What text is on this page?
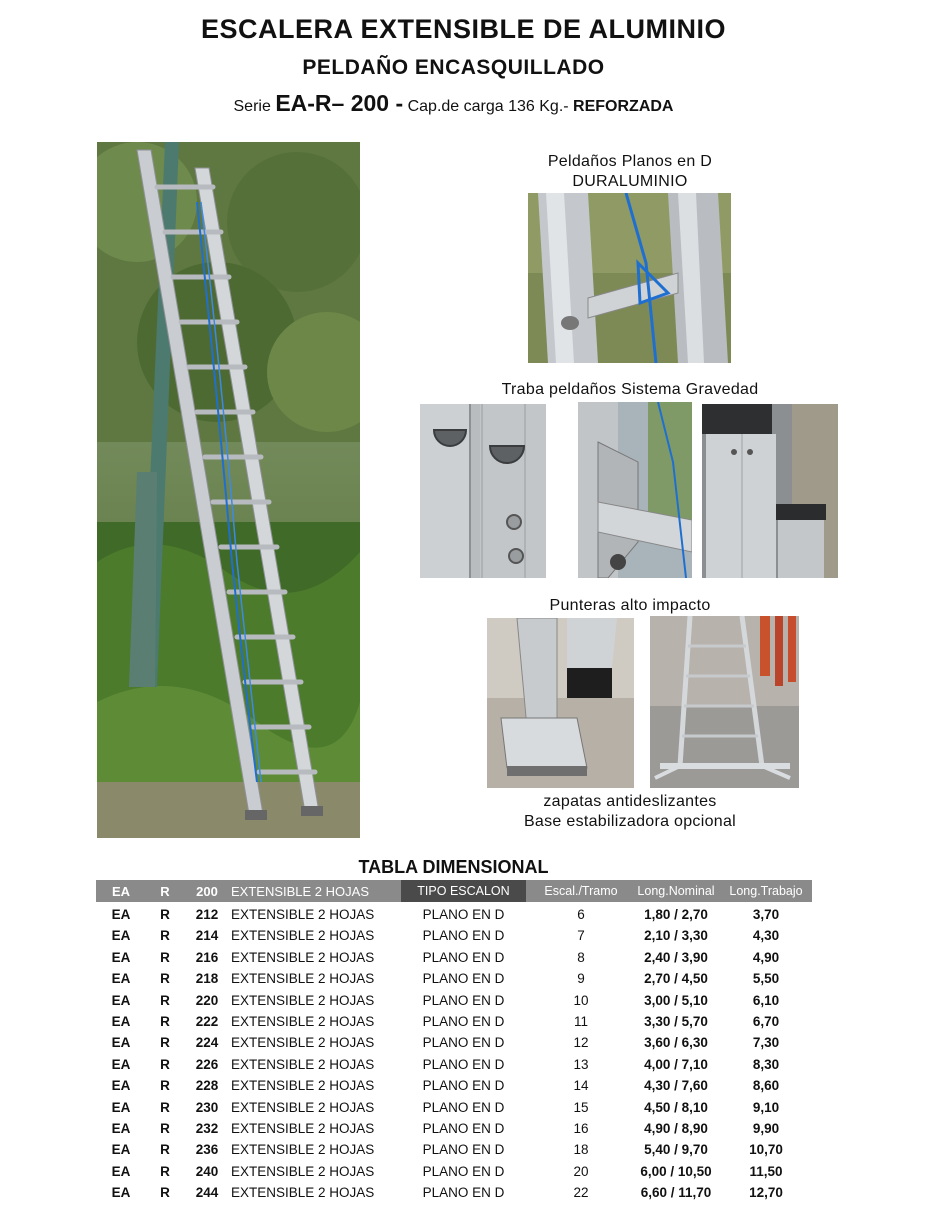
ESCALERA EXTENSIBLE DE ALUMINIO
PELDAÑO ENCASQUILLADO
Serie EA-R– 200 - Cap.de carga 136 Kg.- REFORZADA
Peldaños Planos en D
DURALUMINIO
Traba peldaños Sistema Gravedad
Punteras alto impacto
zapatas antideslizantes
Base estabilizadora opcional
TABLA DIMENSIONAL
EA	R	200	EXTENSIBLE 2 HOJAS	TIPO ESCALON	Escal./Tramo	Long.Nominal	Long.Trabajo
EA	R	212 EXTENSIBLE 2 HOJAS	PLANO EN D	6	1,80 / 2,70	3,70
EA	R	214 EXTENSIBLE 2 HOJAS	PLANO EN D	7	2,10 / 3,30	4,30
EA	R	216 EXTENSIBLE 2 HOJAS	PLANO EN D	8	2,40 / 3,90	4,90
EA	R	218 EXTENSIBLE 2 HOJAS	PLANO EN D	9	2,70 / 4,50	5,50
EA	R	220 EXTENSIBLE 2 HOJAS	PLANO EN D	10	3,00 / 5,10	6,10
EA	R	222 EXTENSIBLE 2 HOJAS	PLANO EN D	11	3,30 / 5,70	6,70
EA	R	224 EXTENSIBLE 2 HOJAS	PLANO EN D	12	3,60 / 6,30	7,30
EA	R	226 EXTENSIBLE 2 HOJAS	PLANO EN D	13	4,00 / 7,10	8,30
EA	R	228 EXTENSIBLE 2 HOJAS	PLANO EN D	14	4,30 / 7,60	8,60
EA	R	230 EXTENSIBLE 2 HOJAS	PLANO EN D	15	4,50 / 8,10	9,10
EA	R	232 EXTENSIBLE 2 HOJAS	PLANO EN D	16	4,90 / 8,90	9,90
EA	R	236 EXTENSIBLE 2 HOJAS	PLANO EN D	18	5,40 / 9,70	10,70
EA	R	240 EXTENSIBLE 2 HOJAS	PLANO EN D	20	6,00 / 10,50	11,50
EA	R	244 EXTENSIBLE 2 HOJAS	PLANO EN D	22	6,60 / 11,70	12,70
